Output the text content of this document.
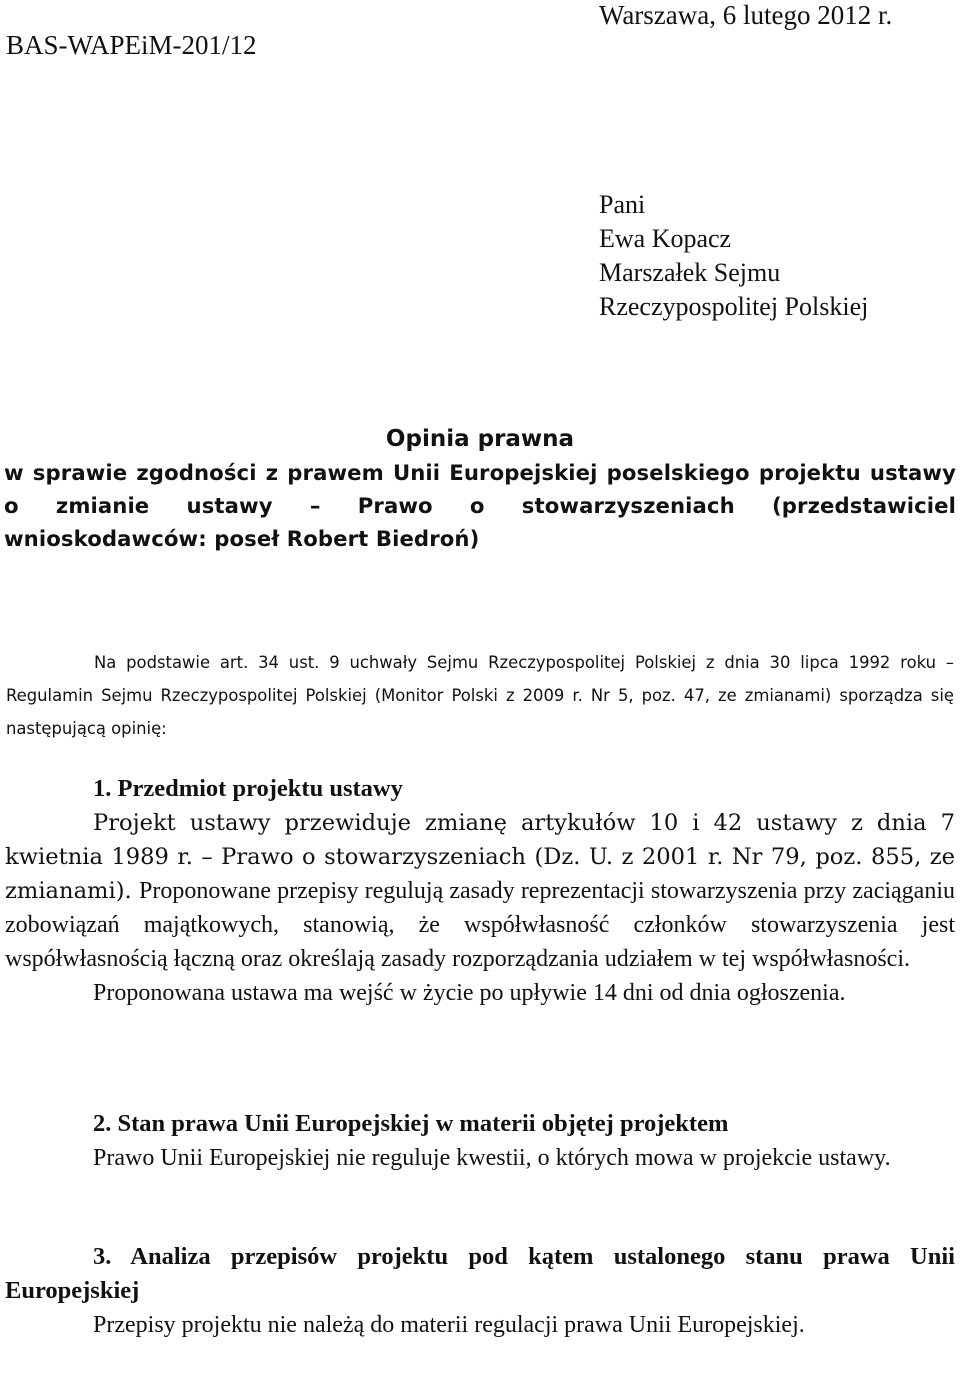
Warszawa, 6 lutego 2012 r.
BAS-WAPEiM-201/12
Pani
Ewa Kopacz
Marszałek Sejmu
Rzeczypospolitej Polskiej
Opinia prawna
w sprawie zgodności z prawem Unii Europejskiej poselskiego projektu ustawy o zmianie ustawy – Prawo o stowarzyszeniach (przedstawiciel wnioskodawców: poseł Robert Biedroń)

Na podstawie art. 34 ust. 9 uchwały Sejmu Rzeczypospolitej Polskiej z dnia 30 lipca 1992 roku – Regulamin Sejmu Rzeczypospolitej Polskiej (Monitor Polski z 2009 r. Nr 5, poz. 47, ze zmianami) sporządza się następującą opinię:

1. Przedmiot projektu ustawy
Projekt ustawy przewiduje zmianę artykułów 10 i 42 ustawy z dnia 7 kwietnia 1989 r. – Prawo o stowarzyszeniach (Dz. U. z 2001 r. Nr 79, poz. 855, ze zmianami). Proponowane przepisy regulują zasady reprezentacji stowarzyszenia przy zaciąganiu zobowiązań majątkowych, stanowią, że współwłasność członków stowarzyszenia jest współwłasnością łączną oraz określają zasady rozporządzania udziałem w tej współwłasności.
Proponowana ustawa ma wejść w życie po upływie 14 dni od dnia ogłoszenia.
2. Stan prawa Unii Europejskiej w materii objętej projektem
Prawo Unii Europejskiej nie reguluje kwestii, o których mowa w projekcie ustawy.
3. Analiza przepisów projektu pod kątem ustalonego stanu prawa Unii Europejskiej
Przepisy projektu nie należą do materii regulacji prawa Unii Europejskiej.
